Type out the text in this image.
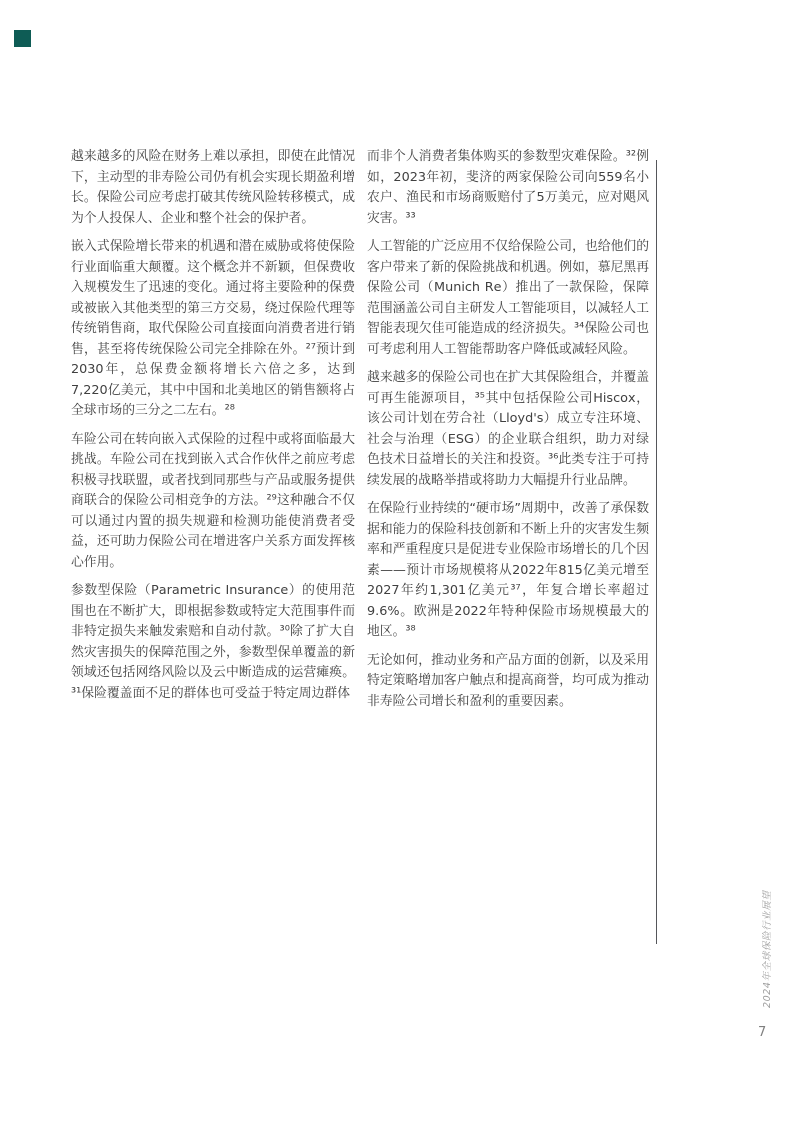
越来越多的风险在财务上难以承担，即使在此情况下，主动型的非寿险公司仍有机会实现长期盈利增长。保险公司应考虑打破其传统风险转移模式，成为个人投保人、企业和整个社会的保护者。

嵌入式保险增长带来的机遇和潜在威胁或将使保险行业面临重大颠覆。这个概念并不新颖，但保费收入规模发生了迅速的变化。通过将主要险种的保费或被嵌入其他类型的第三方交易，绕过保险代理等传统销售商，取代保险公司直接面向消费者进行销售，甚至将传统保险公司完全排除在外。²⁷预计到2030年，总保费金额将增长六倍之多，达到7,220亿美元，其中中国和北美地区的销售额将占全球市场的三分之二左右。²⁸

车险公司在转向嵌入式保险的过程中或将面临最大挑战。车险公司在找到嵌入式合作伙伴之前应考虑积极寻找联盟，或者找到同那些与产品或服务提供商联合的保险公司相竞争的方法。²⁹这种融合不仅可以通过内置的损失规避和检测功能使消费者受益，还可助力保险公司在增进客户关系方面发挥核心作用。

参数型保险（Parametric Insurance）的使用范围也在不断扩大，即根据参数或特定大范围事件而非特定损失来触发索赔和自动付款。³⁰除了扩大自然灾害损失的保障范围之外，参数型保单覆盖的新领域还包括网络风险以及云中断造成的运营瘫痪。³¹保险覆盖面不足的群体也可受益于特定周边群体

而非个人消费者集体购买的参数型灾难保险。³²例如，2023年初，斐济的两家保险公司向559名小农户、渔民和市场商贩赔付了5万美元，应对飓风灾害。³³

人工智能的广泛应用不仅给保险公司，也给他们的客户带来了新的保险挑战和机遇。例如，慕尼黑再保险公司（Munich Re）推出了一款保险，保障范围涵盖公司自主研发人工智能项目，以减轻人工智能表现欠佳可能造成的经济损失。³⁴保险公司也可考虑利用人工智能帮助客户降低或减轻风险。

越来越多的保险公司也在扩大其保险组合，并覆盖可再生能源项目，³⁵其中包括保险公司Hiscox，该公司计划在劳合社（Lloyd's）成立专注环境、社会与治理（ESG）的企业联合组织，助力对绿色技术日益增长的关注和投资。³⁶此类专注于可持续发展的战略举措或将助力大幅提升行业品牌。

在保险行业持续的“硬市场”周期中，改善了承保数据和能力的保险科技创新和不断上升的灾害发生频率和严重程度只是促进专业保险市场增长的几个因素——预计市场规模将从2022年815亿美元增至2027年约1,301亿美元³⁷，年复合增长率超过9.6%。欧洲是2022年特种保险市场规模最大的地区。³⁸

无论如何，推动业务和产品方面的创新，以及采用特定策略增加客户触点和提高商誉，均可成为推动非寿险公司增长和盈利的重要因素。

2024年全球保险行业展望
7
